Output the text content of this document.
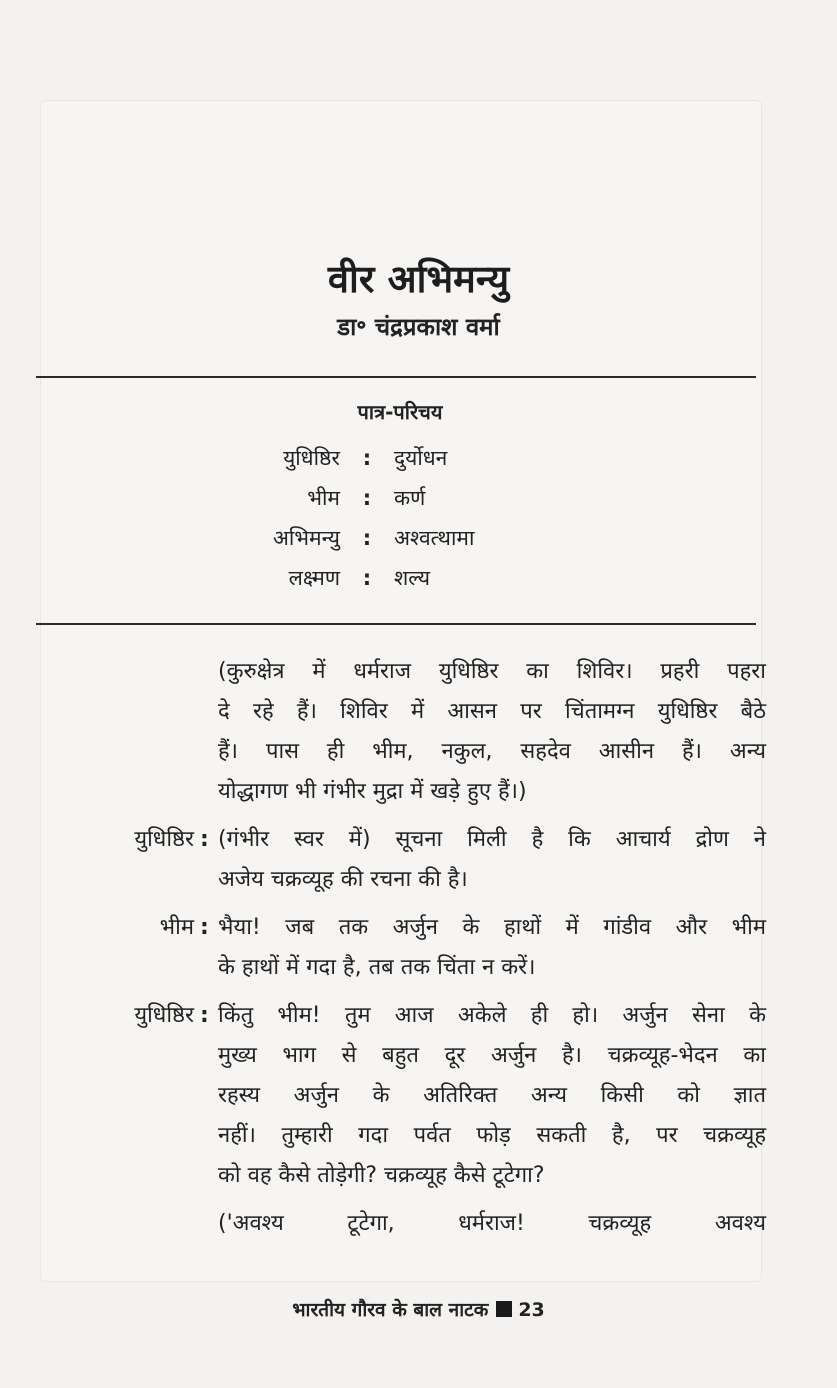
वीर अभिमन्यु
डा॰ चंद्रप्रकाश वर्मा
पात्र-परिचय
युधिष्ठिर	:	दुर्योधन
भीम	:	कर्ण
अभिमन्यु	:	अश्वत्थामा
लक्ष्मण	:	शल्य
(कुरुक्षेत्र में धर्मराज युधिष्ठिर का शिविर। प्रहरी पहरा
दे रहे हैं। शिविर में आसन पर चिंतामग्न युधिष्ठिर बैठे
हैं। पास ही भीम, नकुल, सहदेव आसीन हैं। अन्य
योद्धागण भी गंभीर मुद्रा में खड़े हुए हैं।)
युधिष्ठिर : (गंभीर स्वर में) सूचना मिली है कि आचार्य द्रोण ने
अजेय चक्रव्यूह की रचना की है।
भीम : भैया! जब तक अर्जुन के हाथों में गांडीव और भीम
के हाथों में गदा है, तब तक चिंता न करें।
युधिष्ठिर : किंतु भीम! तुम आज अकेले ही हो। अर्जुन सेना के
मुख्य भाग से बहुत दूर अर्जुन है। चक्रव्यूह-भेदन का
रहस्य अर्जुन के अतिरिक्त अन्य किसी को ज्ञात
नहीं। तुम्हारी गदा पर्वत फोड़ सकती है, पर चक्रव्यूह
को वह कैसे तोड़ेगी? चक्रव्यूह कैसे टूटेगा?
('अवश्य टूटेगा, धर्मराज! चक्रव्यूह अवश्य
भारतीय गौरव के बाल नाटक 23
